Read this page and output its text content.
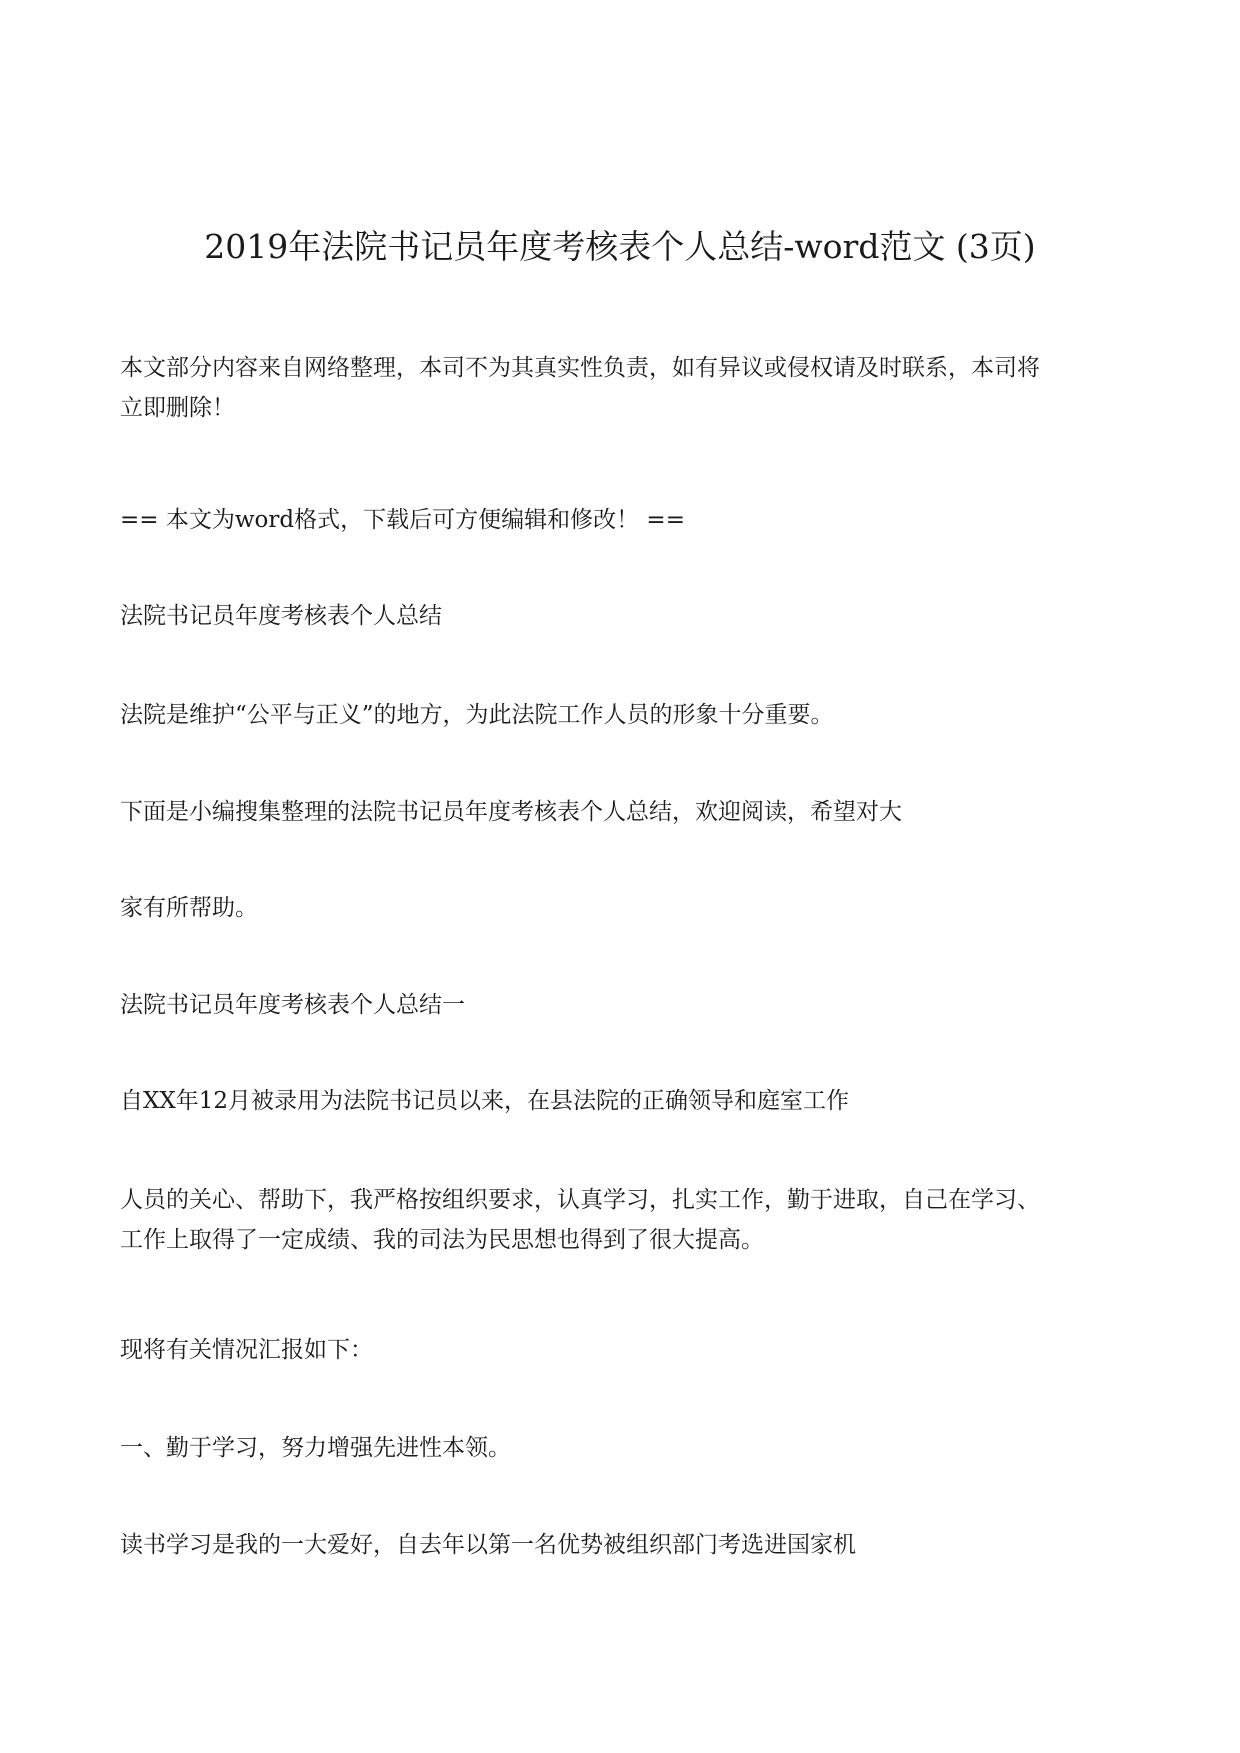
2019年法院书记员年度考核表个人总结-word范文 (3页)

本文部分内容来自网络整理，本司不为其真实性负责，如有异议或侵权请及时联系，本司将
立即删除！

== 本文为word格式，下载后可方便编辑和修改！ ==

法院书记员年度考核表个人总结

法院是维护“公平与正义”的地方，为此法院工作人员的形象十分重要。

下面是小编搜集整理的法院书记员年度考核表个人总结，欢迎阅读，希望对大

家有所帮助。

法院书记员年度考核表个人总结一

自XX年12月被录用为法院书记员以来，在县法院的正确领导和庭室工作

人员的关心、帮助下，我严格按组织要求，认真学习，扎实工作，勤于进取，自己在学习、
工作上取得了一定成绩、我的司法为民思想也得到了很大提高。

现将有关情况汇报如下：

一、勤于学习，努力增强先进性本领。

读书学习是我的一大爱好，自去年以第一名优势被组织部门考选进国家机
